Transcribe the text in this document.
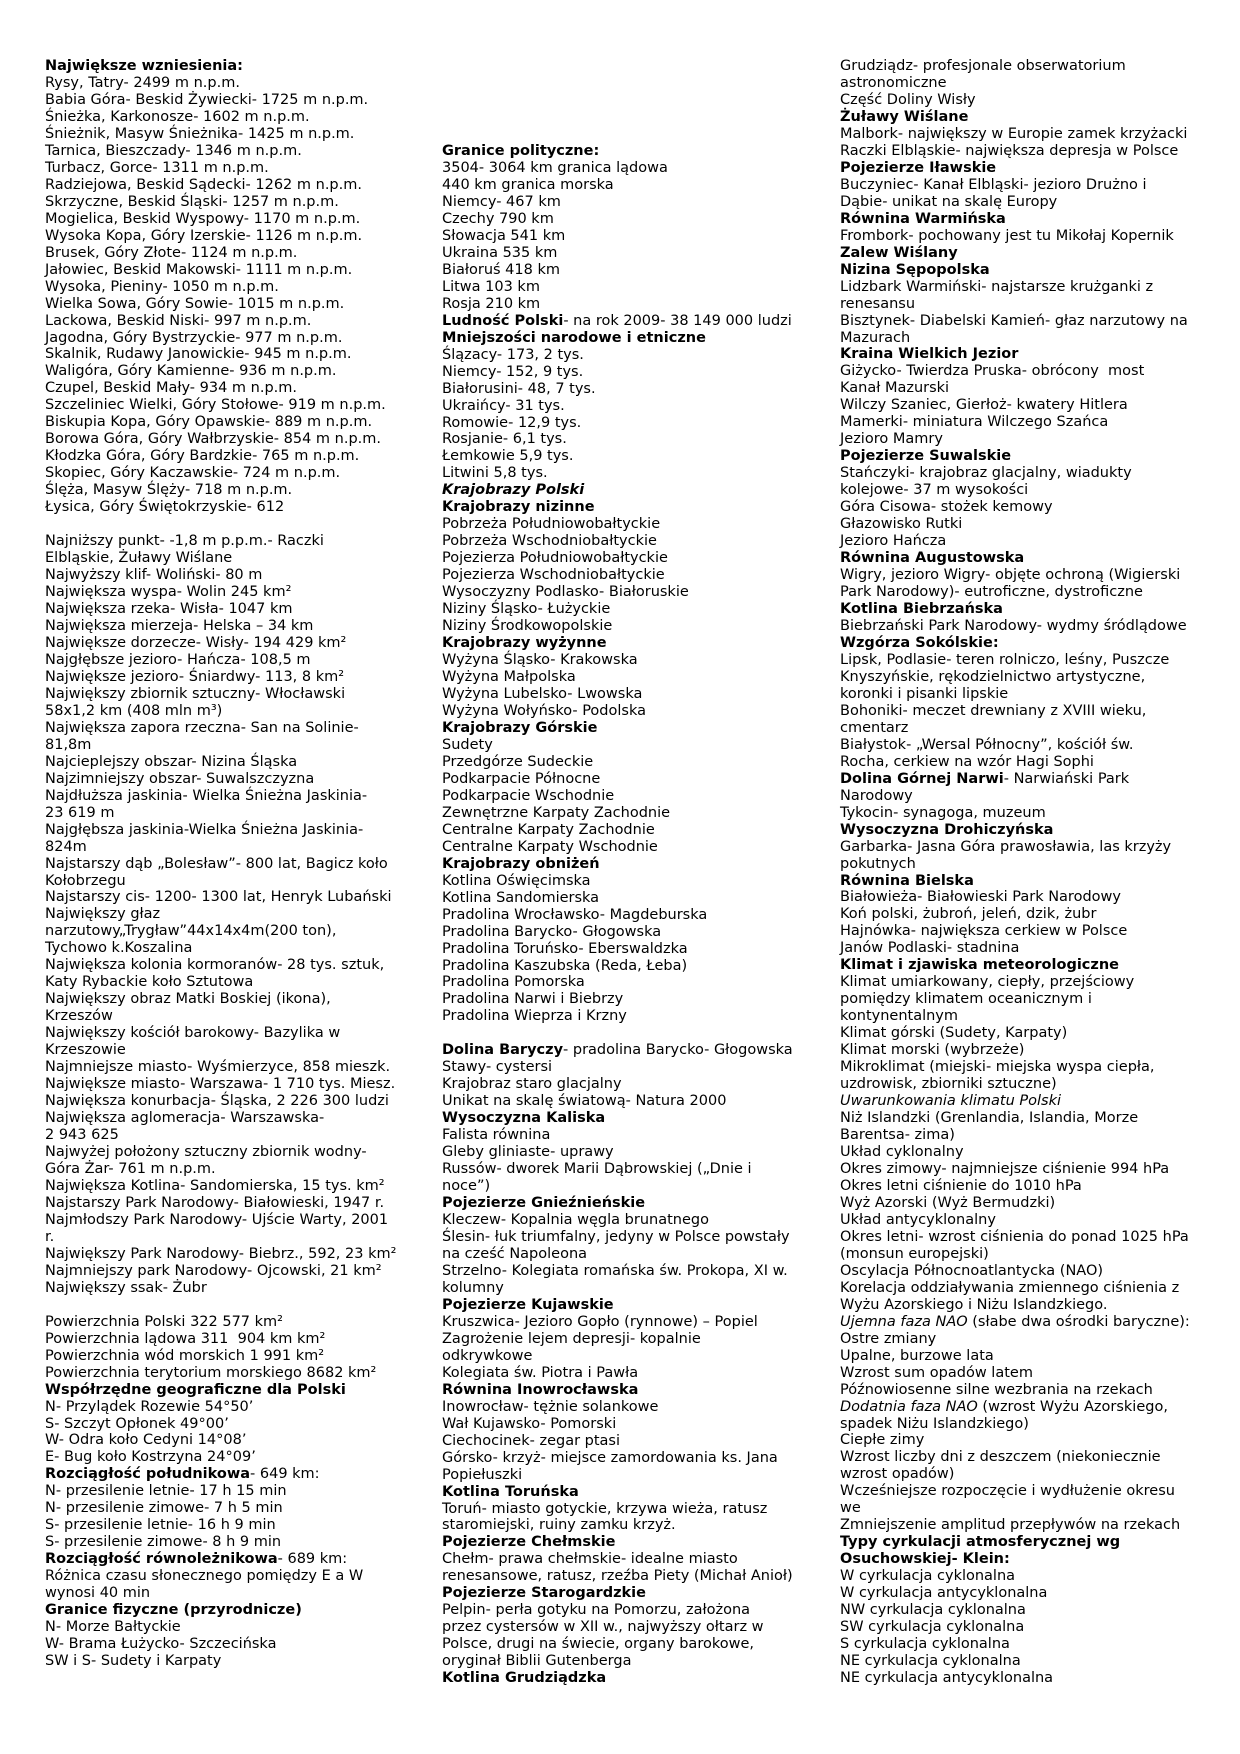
Największe wzniesienia:
Rysy, Tatry- 2499 m n.p.m.
Babia Góra- Beskid Żywiecki- 1725 m n.p.m.
Śnieżka, Karkonosze- 1602 m n.p.m.
Śnieżnik, Masyw Śnieżnika- 1425 m n.p.m.
Tarnica, Bieszczady- 1346 m n.p.m.
Turbacz, Gorce- 1311 m n.p.m.
Radziejowa, Beskid Sądecki- 1262 m n.p.m.
Skrzyczne, Beskid Śląski- 1257 m n.p.m.
Mogielica, Beskid Wyspowy- 1170 m n.p.m.
Wysoka Kopa, Góry Izerskie- 1126 m n.p.m.
Brusek, Góry Złote- 1124 m n.p.m.
Jałowiec, Beskid Makowski- 1111 m n.p.m.
Wysoka, Pieniny- 1050 m n.p.m.
Wielka Sowa, Góry Sowie- 1015 m n.p.m.
Lackowa, Beskid Niski- 997 m n.p.m.
Jagodna, Góry Bystrzyckie- 977 m n.p.m.
Skalnik, Rudawy Janowickie- 945 m n.p.m.
Waligóra, Góry Kamienne- 936 m n.p.m.
Czupel, Beskid Mały- 934 m n.p.m.
Szczeliniec Wielki, Góry Stołowe- 919 m n.p.m.
Biskupia Kopa, Góry Opawskie- 889 m n.p.m.
Borowa Góra, Góry Wałbrzyskie- 854 m n.p.m.
Kłodzka Góra, Góry Bardzkie- 765 m n.p.m.
Skopiec, Góry Kaczawskie- 724 m n.p.m.
Ślęża, Masyw Ślęży- 718 m n.p.m.
Łysica, Góry Świętokrzyskie- 612
Najniższy punkt- -1,8 m p.p.m.- Raczki
Elbląskie, Żuławy Wiślane
Najwyższy klif- Woliński- 80 m
Największa wyspa- Wolin 245 km²
Największa rzeka- Wisła- 1047 km
Największa mierzeja- Helska – 34 km
Największe dorzecze- Wisły- 194 429 km²
Najgłębsze jezioro- Hańcza- 108,5 m
Największe jezioro- Śniardwy- 113, 8 km²
Największy zbiornik sztuczny- Włocławski
58x1,2 km (408 mln m³)
Największa zapora rzeczna- San na Solinie-
81,8m
Najcieplejszy obszar- Nizina Śląska
Najzimniejszy obszar- Suwalszczyzna
Najdłuższa jaskinia- Wielka Śnieżna Jaskinia-
23 619 m
Najgłębsza jaskinia-Wielka Śnieżna Jaskinia-
824m
Najstarszy dąb „Bolesław”- 800 lat, Bagicz koło
Kołobrzegu
Najstarszy cis- 1200- 1300 lat, Henryk Lubański
Największy głaz
narzutowy„Trygław”44x14x4m(200 ton),
Tychowo k.Koszalina
Największa kolonia kormoranów- 28 tys. sztuk,
Katy Rybackie koło Sztutowa
Największy obraz Matki Boskiej (ikona),
Krzeszów
Największy kościół barokowy- Bazylika w
Krzeszowie
Najmniejsze miasto- Wyśmierzyce, 858 mieszk.
Największe miasto- Warszawa- 1 710 tys. Miesz.
Największa konurbacja- Śląska, 2 226 300 ludzi
Największa aglomeracja- Warszawska-
2 943 625
Najwyżej położony sztuczny zbiornik wodny-
Góra Żar- 761 m n.p.m.
Największa Kotlina- Sandomierska, 15 tys. km²
Najstarszy Park Narodowy- Białowieski, 1947 r.
Najmłodszy Park Narodowy- Ujście Warty, 2001
r.
Największy Park Narodowy- Biebrz., 592, 23 km²
Najmniejszy park Narodowy- Ojcowski, 21 km²
Największy ssak- Żubr
Powierzchnia Polski 322 577 km²
Powierzchnia lądowa 311  904 km km²
Powierzchnia wód morskich 1 991 km²
Powierzchnia terytorium morskiego 8682 km²
Współrzędne geograficzne dla Polski
N- Przylądek Rozewie 54°50’
S- Szczyt Opłonek 49°00’
W- Odra koło Cedyni 14°08’
E- Bug koło Kostrzyna 24°09’
Rozciągłość południkowa- 649 km:
N- przesilenie letnie- 17 h 15 min
N- przesilenie zimowe- 7 h 5 min
S- przesilenie letnie- 16 h 9 min
S- przesilenie zimowe- 8 h 9 min
Rozciągłość równoleżnikowa- 689 km:
Różnica czasu słonecznego pomiędzy E a W
wynosi 40 min
Granice fizyczne (przyrodnicze)
N- Morze Bałtyckie
W- Brama Łużycko- Szczecińska
SW i S- Sudety i Karpaty
Granice polityczne:
3504- 3064 km granica lądowa
440 km granica morska
Niemcy- 467 km
Czechy 790 km
Słowacja 541 km
Ukraina 535 km
Białoruś 418 km
Litwa 103 km
Rosja 210 km
Ludność Polski- na rok 2009- 38 149 000 ludzi
Mniejszości narodowe i etniczne
Ślązacy- 173, 2 tys.
Niemcy- 152, 9 tys.
Białorusini- 48, 7 tys.
Ukraińcy- 31 tys.
Romowie- 12,9 tys.
Rosjanie- 6,1 tys.
Łemkowie 5,9 tys.
Litwini 5,8 tys.
Krajobrazy Polski
Krajobrazy nizinne
Pobrzeża Południowobałtyckie
Pobrzeża Wschodniobałtyckie
Pojezierza Południowobałtyckie
Pojezierza Wschodniobałtyckie
Wysoczyzny Podlasko- Białoruskie
Niziny Śląsko- Łużyckie
Niziny Środkowopolskie
Krajobrazy wyżynne
Wyżyna Śląsko- Krakowska
Wyżyna Małpolska
Wyżyna Lubelsko- Lwowska
Wyżyna Wołyńsko- Podolska
Krajobrazy Górskie
Sudety
Przedgórze Sudeckie
Podkarpacie Północne
Podkarpacie Wschodnie
Zewnętrzne Karpaty Zachodnie
Centralne Karpaty Zachodnie
Centralne Karpaty Wschodnie
Krajobrazy obniżeń
Kotlina Oświęcimska
Kotlina Sandomierska
Pradolina Wrocławsko- Magdeburska
Pradolina Barycko- Głogowska
Pradolina Toruńsko- Eberswaldzka
Pradolina Kaszubska (Reda, Łeba)
Pradolina Pomorska
Pradolina Narwi i Biebrzy
Pradolina Wieprza i Krzny
Dolina Baryczy- pradolina Barycko- Głogowska
Stawy- cystersi
Krajobraz staro glacjalny
Unikat na skalę światową- Natura 2000
Wysoczyzna Kaliska
Falista równina
Gleby gliniaste- uprawy
Russów- dworek Marii Dąbrowskiej („Dnie i
noce”)
Pojezierze Gnieźnieńskie
Kleczew- Kopalnia węgla brunatnego
Ślesin- łuk triumfalny, jedyny w Polsce powstały
na cześć Napoleona
Strzelno- Kolegiata romańska św. Prokopa, XI w.
kolumny
Pojezierze Kujawskie
Kruszwica- Jezioro Gopło (rynnowe) – Popiel
Zagrożenie lejem depresji- kopalnie
odkrywkowe
Kolegiata św. Piotra i Pawła
Równina Inowrocławska
Inowrocław- tężnie solankowe
Wał Kujawsko- Pomorski
Ciechocinek- zegar ptasi
Górsko- krzyż- miejsce zamordowania ks. Jana
Popiełuszki
Kotlina Toruńska
Toruń- miasto gotyckie, krzywa wieża, ratusz
staromiejski, ruiny zamku krzyż.
Pojezierze Chełmskie
Chełm- prawa chełmskie- idealne miasto
renesansowe, ratusz, rzeźba Piety (Michał Anioł)
Pojezierze Starogardzkie
Pelpin- perła gotyku na Pomorzu, założona
przez cystersów w XII w., najwyższy ołtarz w
Polsce, drugi na świecie, organy barokowe,
oryginał Biblii Gutenberga
Kotlina Grudziądzka
Grudziądz- profesjonale obserwatorium
astronomiczne
Część Doliny Wisły
Żuławy Wiślane
Malbork- największy w Europie zamek krzyżacki
Raczki Elbląskie- największa depresja w Polsce
Pojezierze Iławskie
Buczyniec- Kanał Elbląski- jezioro Drużno i
Dąbie- unikat na skalę Europy
Równina Warmińska
Frombork- pochowany jest tu Mikołaj Kopernik
Zalew Wiślany
Nizina Sępopolska
Lidzbark Warmiński- najstarsze krużganki z
renesansu
Bisztynek- Diabelski Kamień- głaz narzutowy na
Mazurach
Kraina Wielkich Jezior
Giżycko- Twierdza Pruska- obrócony  most
Kanał Mazurski
Wilczy Szaniec, Gierłoż- kwatery Hitlera
Mamerki- miniatura Wilczego Szańca
Jezioro Mamry
Pojezierze Suwalskie
Stańczyki- krajobraz glacjalny, wiadukty
kolejowe- 37 m wysokości
Góra Cisowa- stożek kemowy
Głazowisko Rutki
Jezioro Hańcza
Równina Augustowska
Wigry, jezioro Wigry- objęte ochroną (Wigierski
Park Narodowy)- eutroficzne, dystroficzne
Kotlina Biebrzańska
Biebrzański Park Narodowy- wydmy śródlądowe
Wzgórza Sokólskie:
Lipsk, Podlasie- teren rolniczo, leśny, Puszcze
Knyszyńskie, rękodzielnictwo artystyczne,
koronki i pisanki lipskie
Bohoniki- meczet drewniany z XVIII wieku,
cmentarz
Białystok- „Wersal Północny”, kościół św.
Rocha, cerkiew na wzór Hagi Sophi
Dolina Górnej Narwi- Narwiański Park
Narodowy
Tykocin- synagoga, muzeum
Wysoczyzna Drohiczyńska
Garbarka- Jasna Góra prawosławia, las krzyży
pokutnych
Równina Bielska
Białowieża- Białowieski Park Narodowy
Koń polski, żubroń, jeleń, dzik, żubr
Hajnówka- największa cerkiew w Polsce
Janów Podlaski- stadnina
Klimat i zjawiska meteorologiczne
Klimat umiarkowany, ciepły, przejściowy
pomiędzy klimatem oceanicznym i
kontynentalnym
Klimat górski (Sudety, Karpaty)
Klimat morski (wybrzeże)
Mikroklimat (miejski- miejska wyspa ciepła,
uzdrowisk, zbiorniki sztuczne)
Uwarunkowania klimatu Polski
Niż Islandzki (Grenlandia, Islandia, Morze
Barentsa- zima)
Układ cyklonalny
Okres zimowy- najmniejsze ciśnienie 994 hPa
Okres letni ciśnienie do 1010 hPa
Wyż Azorski (Wyż Bermudzki)
Układ antycyklonalny
Okres letni- wzrost ciśnienia do ponad 1025 hPa
(monsun europejski)
Oscylacja Północnoatlantycka (NAO)
Korelacja oddziaływania zmiennego ciśnienia z
Wyżu Azorskiego i Niżu Islandzkiego.
Ujemna faza NAO (słabe dwa ośrodki baryczne):
Ostre zmiany
Upalne, burzowe lata
Wzrost sum opadów latem
Późnowiosenne silne wezbrania na rzekach
Dodatnia faza NAO (wzrost Wyżu Azorskiego,
spadek Niżu Islandzkiego)
Ciepłe zimy
Wzrost liczby dni z deszczem (niekoniecznie
wzrost opadów)
Wcześniejsze rozpoczęcie i wydłużenie okresu
we
Zmniejszenie amplitud przepływów na rzekach
Typy cyrkulacji atmosferycznej wg
Osuchowskiej- Klein:
W cyrkulacja cyklonalna
W cyrkulacja antycyklonalna
NW cyrkulacja cyklonalna
SW cyrkulacja cyklonalna
S cyrkulacja cyklonalna
NE cyrkulacja cyklonalna
NE cyrkulacja antycyklonalna
